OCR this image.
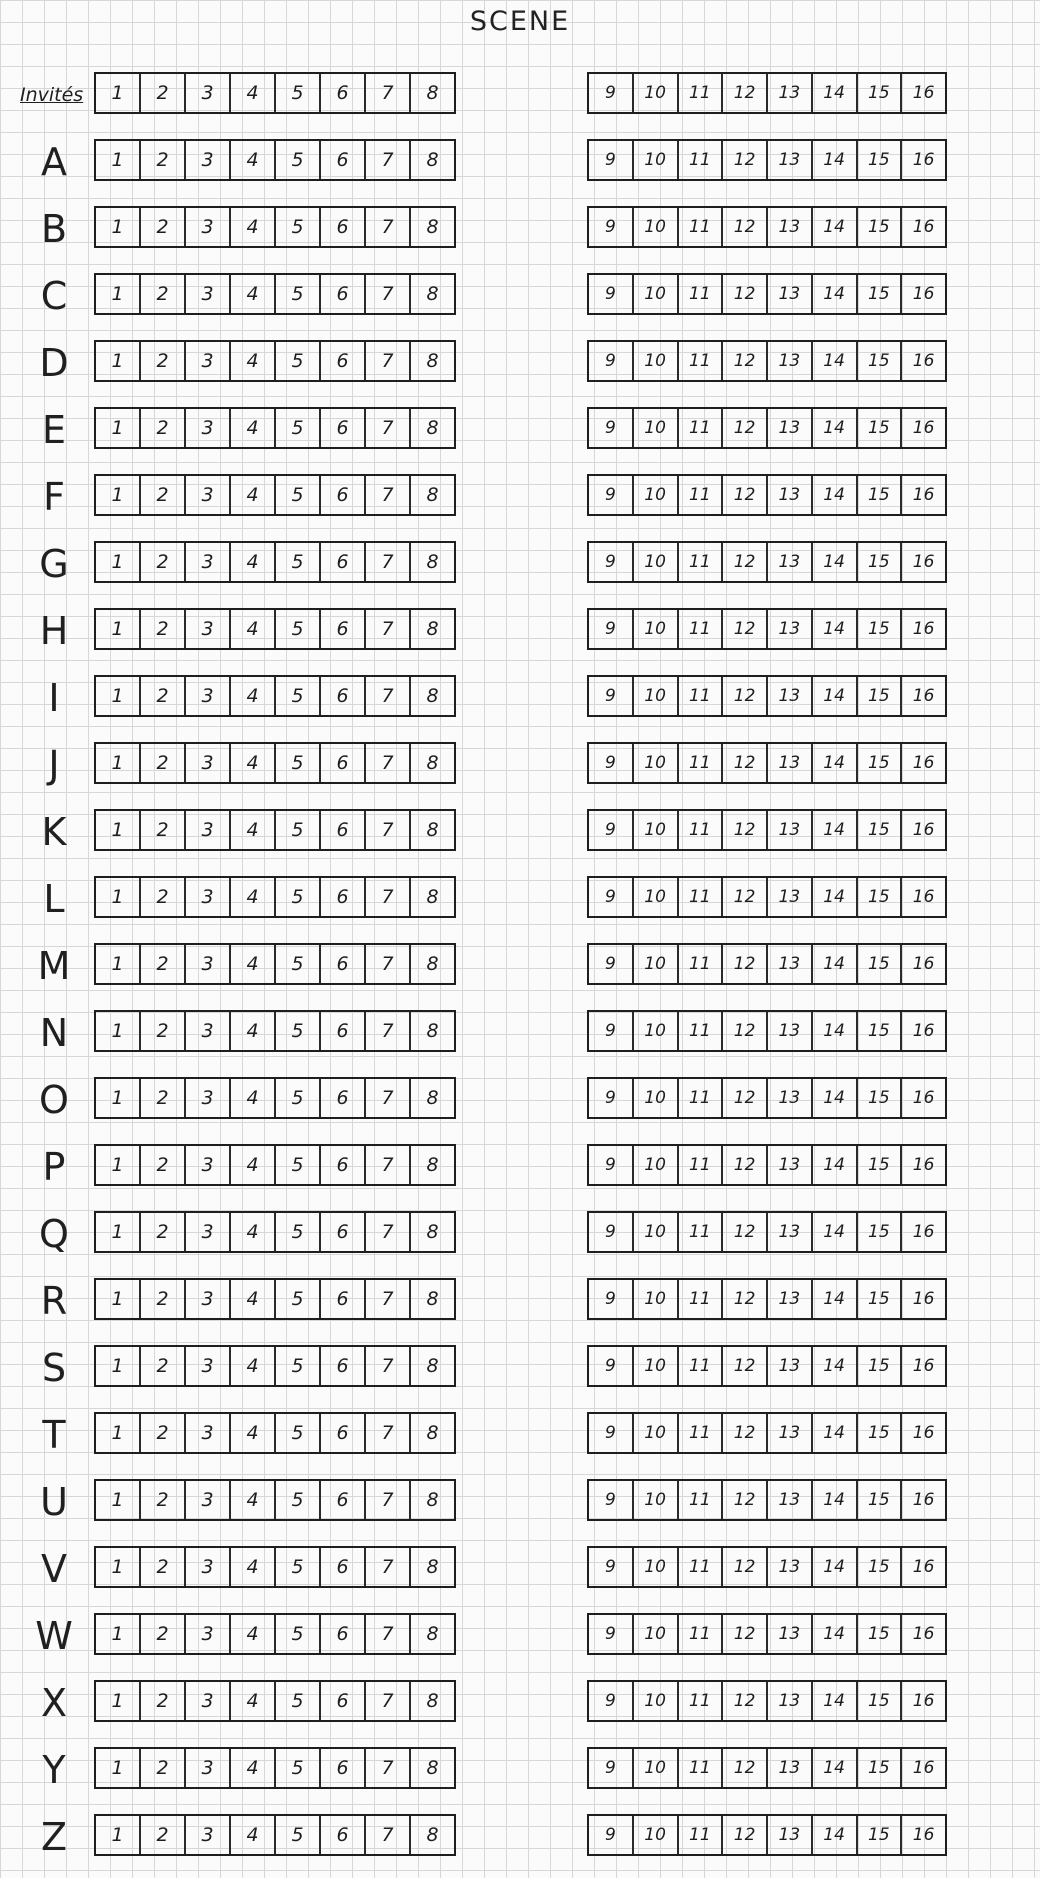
SCENE
Invités	1	2	3	4	5	6	7	8	9	10	11	12	13	14	15	16
A	1	2	3	4	5	6	7	8	9	10	11	12	13	14	15	16
B	1	2	3	4	5	6	7	8	9	10	11	12	13	14	15	16
C	1	2	3	4	5	6	7	8	9	10	11	12	13	14	15	16
D	1	2	3	4	5	6	7	8	9	10	11	12	13	14	15	16
E	1	2	3	4	5	6	7	8	9	10	11	12	13	14	15	16
F	1	2	3	4	5	6	7	8	9	10	11	12	13	14	15	16
G	1	2	3	4	5	6	7	8	9	10	11	12	13	14	15	16
H	1	2	3	4	5	6	7	8	9	10	11	12	13	14	15	16
I	1	2	3	4	5	6	7	8	9	10	11	12	13	14	15	16
J	1	2	3	4	5	6	7	8	9	10	11	12	13	14	15	16
K	1	2	3	4	5	6	7	8	9	10	11	12	13	14	15	16
L	1	2	3	4	5	6	7	8	9	10	11	12	13	14	15	16
M	1	2	3	4	5	6	7	8	9	10	11	12	13	14	15	16
N	1	2	3	4	5	6	7	8	9	10	11	12	13	14	15	16
O	1	2	3	4	5	6	7	8	9	10	11	12	13	14	15	16
P	1	2	3	4	5	6	7	8	9	10	11	12	13	14	15	16
Q	1	2	3	4	5	6	7	8	9	10	11	12	13	14	15	16
R	1	2	3	4	5	6	7	8	9	10	11	12	13	14	15	16
S	1	2	3	4	5	6	7	8	9	10	11	12	13	14	15	16
T	1	2	3	4	5	6	7	8	9	10	11	12	13	14	15	16
U	1	2	3	4	5	6	7	8	9	10	11	12	13	14	15	16
V	1	2	3	4	5	6	7	8	9	10	11	12	13	14	15	16
W	1	2	3	4	5	6	7	8	9	10	11	12	13	14	15	16
X	1	2	3	4	5	6	7	8	9	10	11	12	13	14	15	16
Y	1	2	3	4	5	6	7	8	9	10	11	12	13	14	15	16
Z	1	2	3	4	5	6	7	8	9	10	11	12	13	14	15	16
